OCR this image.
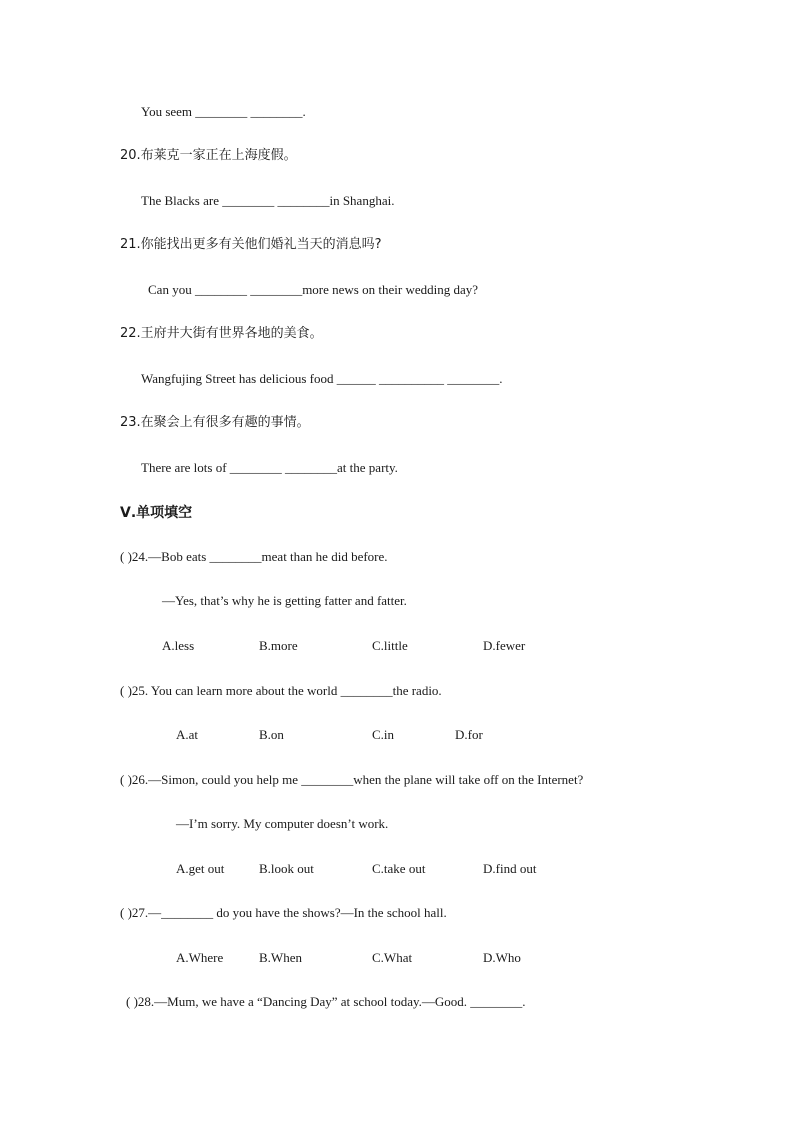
You seem ________ ________.
20.布莱克一家正在上海度假。
The Blacks are ________ ________in Shanghai.
21.你能找出更多有关他们婚礼当天的消息吗?
Can you ________ ________more news on their wedding day?
22.王府井大街有世界各地的美食。
Wangfujing Street has delicious food ______ __________ ________.
23.在聚会上有很多有趣的事情。
There are lots of ________ ________at the party.
Ⅴ.单项填空
( )24.—Bob eats ________meat than he did before.
—Yes, that’s why he is getting fatter and fatter.
A.less	B.more	C.little	D.fewer
( )25. You can learn more about the world ________the radio.
A.at	B.on	C.in	D.for
( )26.—Simon, could you help me ________when the plane will take off on the Internet?
—I’m sorry. My computer doesn’t work.
A.get out	B.look out	C.take out	D.find out
( )27.—________ do you have the shows?—In the school hall.
A.Where	B.When	C.What	D.Who
( )28.—Mum, we have a “Dancing Day” at school today.—Good. ________.
